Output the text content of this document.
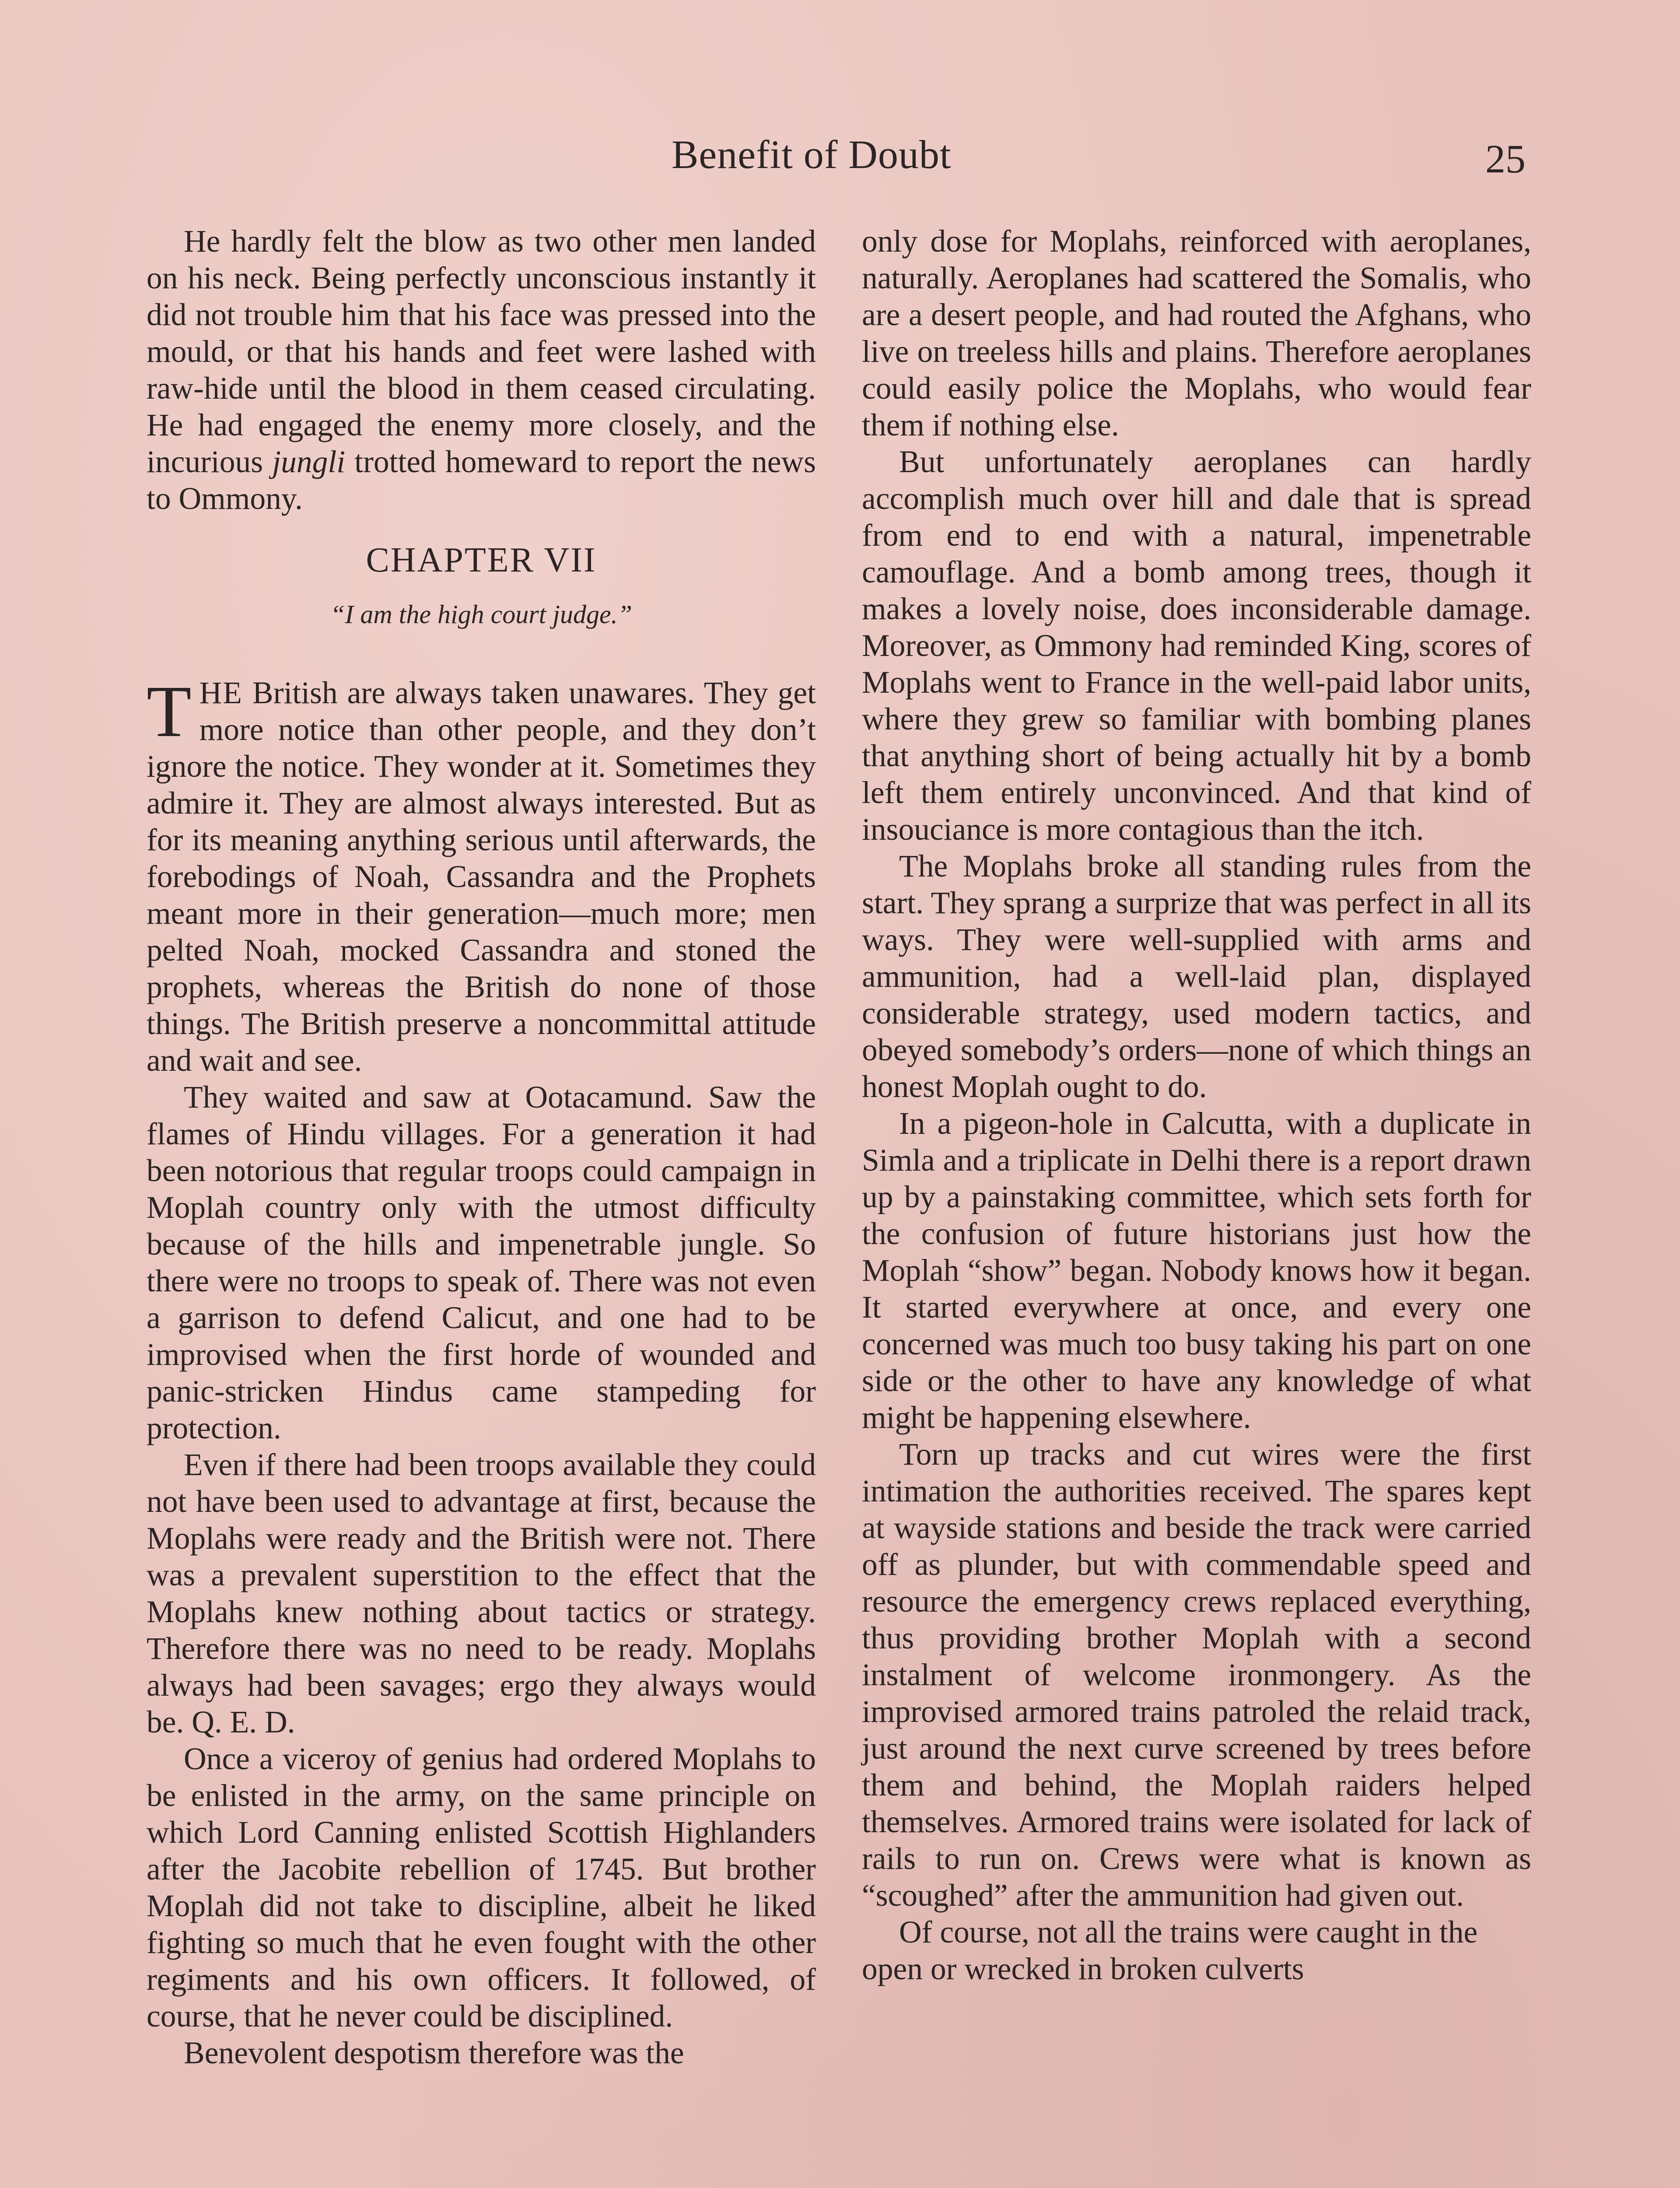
Benefit of Doubt	25

He hardly felt the blow as two other men landed on his neck. Being perfectly unconscious instantly it did not trouble him that his face was pressed into the mould, or that his hands and feet were lashed with raw-hide until the blood in them ceased circulating. He had engaged the enemy more closely, and the incurious jungli trotted homeward to report the news to Ommony.

CHAPTER VII
“I am the high court judge.”

THE British are always taken unawares. They get more notice than other people, and they don’t ignore the notice. They wonder at it. Sometimes they admire it. They are almost always interested. But as for its meaning anything serious until afterwards, the forebodings of Noah, Cassandra and the Prophets meant more in their generation—much more; men pelted Noah, mocked Cassandra and stoned the prophets, whereas the British do none of those things. The British preserve a noncommittal attitude and wait and see.

They waited and saw at Ootacamund. Saw the flames of Hindu villages. For a generation it had been notorious that regular troops could campaign in Moplah country only with the utmost difficulty because of the hills and impenetrable jungle. So there were no troops to speak of. There was not even a garrison to defend Calicut, and one had to be improvised when the first horde of wounded and panic-stricken Hindus came stampeding for protection.

Even if there had been troops available they could not have been used to advantage at first, because the Moplahs were ready and the British were not. There was a prevalent superstition to the effect that the Moplahs knew nothing about tactics or strategy. Therefore there was no need to be ready. Moplahs always had been savages; ergo they always would be. Q. E. D.

Once a viceroy of genius had ordered Moplahs to be enlisted in the army, on the same principle on which Lord Canning enlisted Scottish Highlanders after the Jacobite rebellion of 1745. But brother Moplah did not take to discipline, albeit he liked fighting so much that he even fought with the other regiments and his own officers. It followed, of course, that he never could be disciplined.

Benevolent despotism therefore was the

only dose for Moplahs, reinforced with aeroplanes, naturally. Aeroplanes had scattered the Somalis, who are a desert people, and had routed the Afghans, who live on treeless hills and plains. Therefore aeroplanes could easily police the Moplahs, who would fear them if nothing else.

But unfortunately aeroplanes can hardly accomplish much over hill and dale that is spread from end to end with a natural, impenetrable camouflage. And a bomb among trees, though it makes a lovely noise, does inconsiderable damage. Moreover, as Ommony had reminded King, scores of Moplahs went to France in the well-paid labor units, where they grew so familiar with bombing planes that anything short of being actually hit by a bomb left them entirely unconvinced. And that kind of insouciance is more contagious than the itch.

The Moplahs broke all standing rules from the start. They sprang a surprize that was perfect in all its ways. They were well-supplied with arms and ammunition, had a well-laid plan, displayed considerable strategy, used modern tactics, and obeyed somebody’s orders—none of which things an honest Moplah ought to do.

In a pigeon-hole in Calcutta, with a duplicate in Simla and a triplicate in Delhi there is a report drawn up by a painstaking committee, which sets forth for the confusion of future historians just how the Moplah “show” began. Nobody knows how it began. It started everywhere at once, and every one concerned was much too busy taking his part on one side or the other to have any knowledge of what might be happening elsewhere.

Torn up tracks and cut wires were the first intimation the authorities received. The spares kept at wayside stations and beside the track were carried off as plunder, but with commendable speed and resource the emergency crews replaced everything, thus providing brother Moplah with a second instalment of welcome ironmongery. As the improvised armored trains patroled the relaid track, just around the next curve screened by trees before them and behind, the Moplah raiders helped themselves. Armored trains were isolated for lack of rails to run on. Crews were what is known as “scoughed” after the ammunition had given out.

Of course, not all the trains were caught in the open or wrecked in broken culverts
